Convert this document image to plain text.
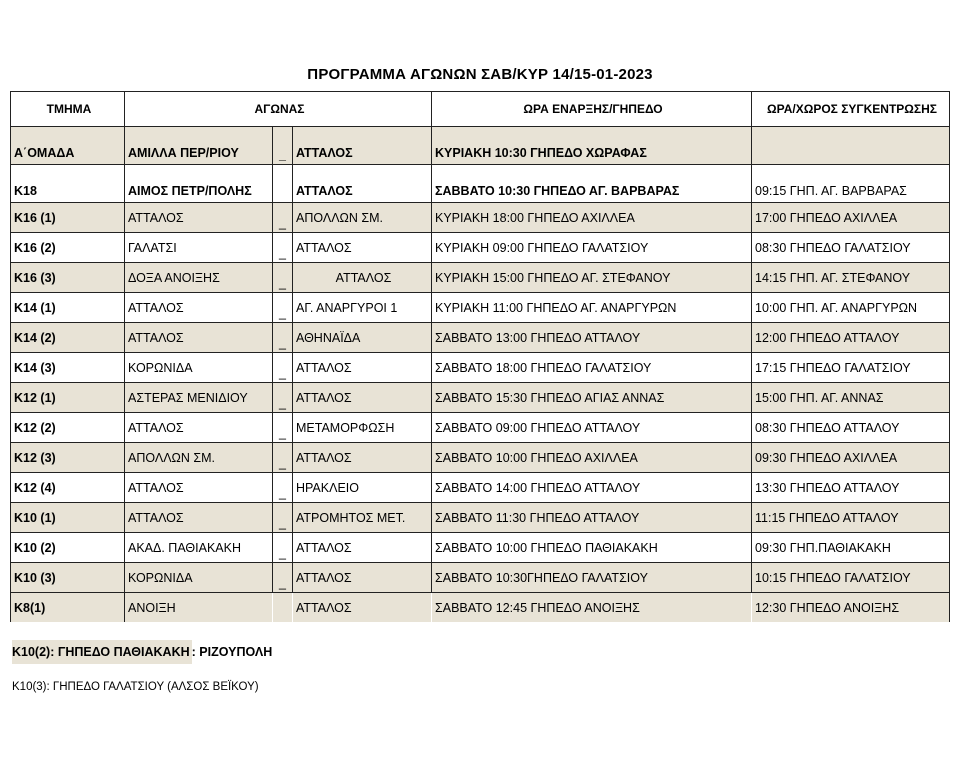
ΠΡΟΓΡΑΜΜΑ ΑΓΩΝΩΝ ΣΑΒ/ΚΥΡ 14/15-01-2023
ΤΜΗΜΑ	ΑΓΩΝΑΣ			ΩΡΑ ΕΝΑΡΞΗΣ/ΓΗΠΕΔΟ	ΩΡΑ/ΧΩΡΟΣ ΣΥΓΚΕΝΤΡΩΣΗΣ
Α΄ΟΜΑΔΑ	ΑΜΙΛΛΑ ΠΕΡ/ΡΙΟΥ	_	ΑΤΤΑΛΟΣ	ΚΥΡΙΑΚΗ 10:30 ΓΗΠΕΔΟ ΧΩΡΑΦΑΣ	
Κ18	ΑΙΜΟΣ ΠΕΤΡ/ΠΟΛΗΣ		ΑΤΤΑΛΟΣ	ΣΑΒΒΑΤΟ 10:30 ΓΗΠΕΔΟ ΑΓ. ΒΑΡΒΑΡΑΣ	09:15 ΓΗΠ. ΑΓ. ΒΑΡΒΑΡΑΣ
Κ16 (1)	ΑΤΤΑΛΟΣ	_	ΑΠΟΛΛΩΝ ΣΜ.	ΚΥΡΙΑΚΗ 18:00 ΓΗΠΕΔΟ ΑΧΙΛΛΕΑ	17:00 ΓΗΠΕΔΟ ΑΧΙΛΛΕΑ
Κ16 (2)	ΓΑΛΑΤΣΙ	_	ΑΤΤΑΛΟΣ	ΚΥΡΙΑΚΗ 09:00 ΓΗΠΕΔΟ ΓΑΛΑΤΣΙΟΥ	08:30 ΓΗΠΕΔΟ ΓΑΛΑΤΣΙΟΥ
Κ16 (3)	ΔΟΞΑ ΑΝΟΙΞΗΣ	_	ΑΤΤΑΛΟΣ	ΚΥΡΙΑΚΗ 15:00 ΓΗΠΕΔΟ ΑΓ. ΣΤΕΦΑΝΟΥ	14:15 ΓΗΠ. ΑΓ. ΣΤΕΦΑΝΟΥ
Κ14 (1)	ΑΤΤΑΛΟΣ	_	ΑΓ. ΑΝΑΡΓΥΡΟΙ 1	ΚΥΡΙΑΚΗ 11:00 ΓΗΠΕΔΟ ΑΓ. ΑΝΑΡΓΥΡΩΝ	10:00 ΓΗΠ. ΑΓ. ΑΝΑΡΓΥΡΩΝ
Κ14 (2)	ΑΤΤΑΛΟΣ	_	ΑΘΗΝΑΪΔΑ	ΣΑΒΒΑΤΟ 13:00 ΓΗΠΕΔΟ ΑΤΤΑΛΟΥ	12:00 ΓΗΠΕΔΟ ΑΤΤΑΛΟΥ
Κ14 (3)	ΚΟΡΩΝΙΔΑ	_	ΑΤΤΑΛΟΣ	ΣΑΒΒΑΤΟ 18:00 ΓΗΠΕΔΟ ΓΑΛΑΤΣΙΟΥ	17:15 ΓΗΠΕΔΟ ΓΑΛΑΤΣΙΟΥ
Κ12 (1)	ΑΣΤΕΡΑΣ ΜΕΝΙΔΙΟΥ	_	ΑΤΤΑΛΟΣ	ΣΑΒΒΑΤΟ 15:30 ΓΗΠΕΔΟ ΑΓΙΑΣ ΑΝΝΑΣ	15:00 ΓΗΠ. ΑΓ. ΑΝΝΑΣ
Κ12 (2)	ΑΤΤΑΛΟΣ	_	ΜΕΤΑΜΟΡΦΩΣΗ	ΣΑΒΒΑΤΟ 09:00 ΓΗΠΕΔΟ ΑΤΤΑΛΟΥ	08:30 ΓΗΠΕΔΟ ΑΤΤΑΛΟΥ
Κ12 (3)	ΑΠΟΛΛΩΝ ΣΜ.	_	ΑΤΤΑΛΟΣ	ΣΑΒΒΑΤΟ 10:00 ΓΗΠΕΔΟ ΑΧΙΛΛΕΑ	09:30 ΓΗΠΕΔΟ ΑΧΙΛΛΕΑ
Κ12 (4)	ΑΤΤΑΛΟΣ	_	ΗΡΑΚΛΕΙΟ	ΣΑΒΒΑΤΟ 14:00 ΓΗΠΕΔΟ ΑΤΤΑΛΟΥ	13:30 ΓΗΠΕΔΟ ΑΤΤΑΛΟΥ
Κ10 (1)	ΑΤΤΑΛΟΣ	_	ΑΤΡΟΜΗΤΟΣ ΜΕΤ.	ΣΑΒΒΑΤΟ 11:30 ΓΗΠΕΔΟ ΑΤΤΑΛΟΥ	11:15 ΓΗΠΕΔΟ ΑΤΤΑΛΟΥ
Κ10 (2)	ΑΚΑΔ. ΠΑΘΙΑΚΑΚΗ	_	ΑΤΤΑΛΟΣ	ΣΑΒΒΑΤΟ 10:00 ΓΗΠΕΔΟ ΠΑΘΙΑΚΑΚΗ	09:30 ΓΗΠ.ΠΑΘΙΑΚΑΚΗ
Κ10 (3)	ΚΟΡΩΝΙΔΑ	_	ΑΤΤΑΛΟΣ	ΣΑΒΒΑΤΟ 10:30ΓΗΠΕΔΟ ΓΑΛΑΤΣΙΟΥ	10:15 ΓΗΠΕΔΟ ΓΑΛΑΤΣΙΟΥ
Κ8(1)	ΑΝΟΙΞΗ		ΑΤΤΑΛΟΣ	ΣΑΒΒΑΤΟ 12:45 ΓΗΠΕΔΟ ΑΝΟΙΞΗΣ	12:30 ΓΗΠΕΔΟ ΑΝΟΙΞΗΣ
Κ10(2): ΓΗΠΕΔΟ ΠΑΘΙΑΚΑΚΗ : ΡΙΖΟΥΠΟΛΗ
Κ10(3): ΓΗΠΕΔΟ ΓΑΛΑΤΣΙΟΥ (ΑΛΣΟΣ ΒΕΪΚΟΥ)
